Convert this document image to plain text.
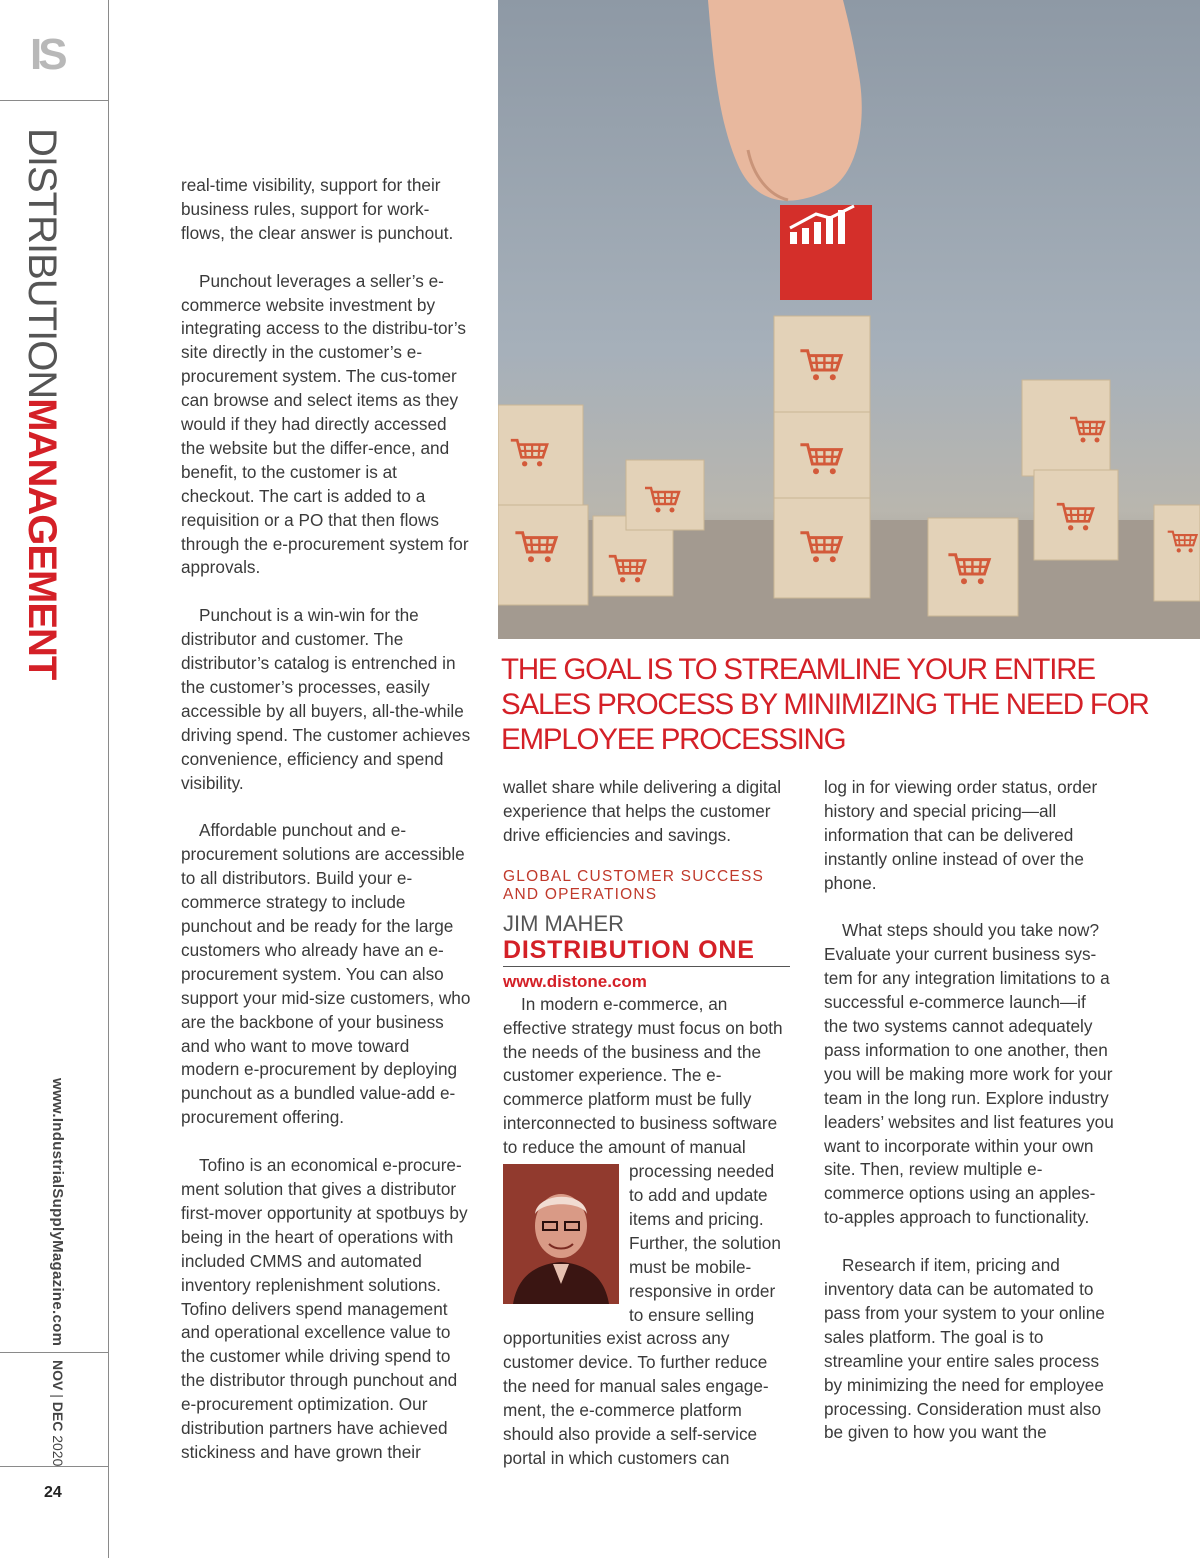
IS
DISTRIBUTIONMANAGEMENT
www.IndustrialSupplyMagazine.com
NOV | DEC 2020
24

real-time visibility, support for their business rules, support for work-flows, the clear answer is punchout.

Punchout leverages a seller’s e-commerce website investment by integrating access to the distribu-tor’s site directly in the customer’s e-procurement system. The cus-tomer can browse and select items as they would if they had directly accessed the website but the differ-ence, and benefit, to the customer is at checkout. The cart is added to a requisition or a PO that then flows through the e-procurement system for approvals.

Punchout is a win-win for the distributor and customer. The distributor’s catalog is entrenched in the customer’s processes, easily accessible by all buyers, all-the-while driving spend. The customer achieves convenience, efficiency and spend visibility.

Affordable punchout and e-procurement solutions are accessible to all distributors. Build your e-commerce strategy to include punchout and be ready for the large customers who already have an e-procurement system. You can also support your mid-size customers, who are the backbone of your business and who want to move toward modern e-procurement by deploying punchout as a bundled value-add e-procurement offering.

Tofino is an economical e-procure-ment solution that gives a distributor first-mover opportunity at spotbuys by being in the heart of operations with included CMMS and automated inventory replenishment solutions. Tofino delivers spend management and operational excellence value to the customer while driving spend to the distributor through punchout and e-procurement optimization. Our distribution partners have achieved stickiness and have grown their

THE GOAL IS TO STREAMLINE YOUR ENTIRE SALES PROCESS BY MINIMIZING THE NEED FOR EMPLOYEE PROCESSING
wallet share while delivering a digital experience that helps the customer drive efficiencies and savings.
GLOBAL CUSTOMER SUCCESS AND OPERATIONS
JIM MAHER
DISTRIBUTION ONE
www.distone.com
In modern e-commerce, an effective strategy must focus on both the needs of the business and the customer experience. The e-commerce platform must be fully interconnected to business software to reduce the amount of manual
processing needed to add and update items and pricing. Further, the solution must be mobile-responsive in order to ensure selling opportunities exist across any customer device. To further reduce the need for manual sales engage-ment, the e-commerce platform should also provide a self-service portal in which customers can

log in for viewing order status, order history and special pricing—all information that can be delivered instantly online instead of over the phone.

What steps should you take now? Evaluate your current business sys-tem for any integration limitations to a successful e-commerce launch—if the two systems cannot adequately pass information to one another, then you will be making more work for your team in the long run. Explore industry leaders’ websites and list features you want to incorporate within your own site. Then, review multiple e-commerce options using an apples-to-apples approach to functionality.

Research if item, pricing and inventory data can be automated to pass from your system to your online sales platform. The goal is to streamline your entire sales process by minimizing the need for employee processing. Consideration must also be given to how you want the
